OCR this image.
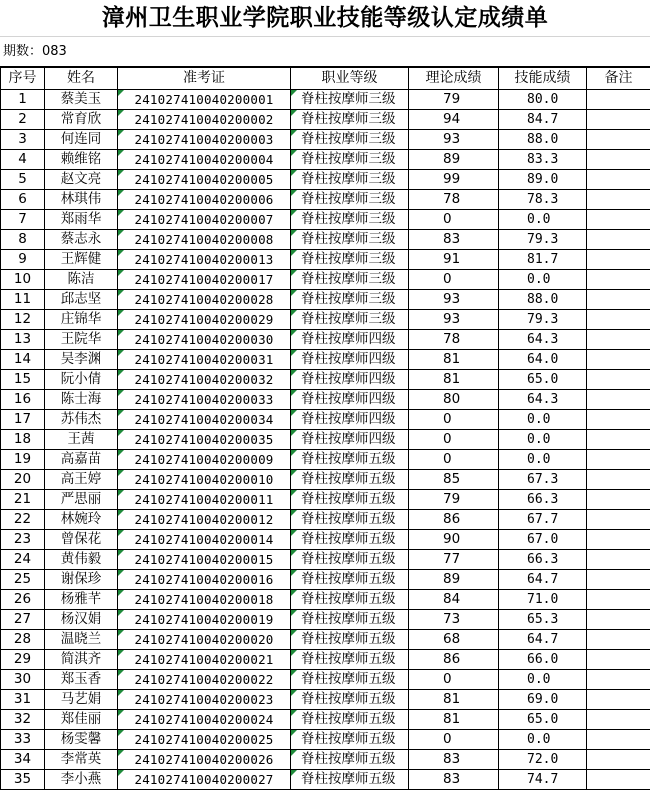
漳州卫生职业学院职业技能等级认定成绩单
期数：083
序号	姓名	准考证	职业等级	理论成绩	技能成绩	备注
1	蔡美玉	241027410040200001	脊柱按摩师三级	79	80.0	
2	常育欣	241027410040200002	脊柱按摩师三级	94	84.7	
3	何连同	241027410040200003	脊柱按摩师三级	93	88.0	
4	赖维铭	241027410040200004	脊柱按摩师三级	89	83.3	
5	赵文亮	241027410040200005	脊柱按摩师三级	99	89.0	
6	林琪伟	241027410040200006	脊柱按摩师三级	78	78.3	
7	郑雨华	241027410040200007	脊柱按摩师三级	0	0.0	
8	蔡志永	241027410040200008	脊柱按摩师三级	83	79.3	
9	王辉健	241027410040200013	脊柱按摩师三级	91	81.7	
10	陈洁	241027410040200017	脊柱按摩师三级	0	0.0	
11	邱志坚	241027410040200028	脊柱按摩师三级	93	88.0	
12	庄锦华	241027410040200029	脊柱按摩师三级	93	79.3	
13	王院华	241027410040200030	脊柱按摩师四级	78	64.3	
14	吴李渊	241027410040200031	脊柱按摩师四级	81	64.0	
15	阮小倩	241027410040200032	脊柱按摩师四级	81	65.0	
16	陈士海	241027410040200033	脊柱按摩师四级	80	64.3	
17	苏伟杰	241027410040200034	脊柱按摩师四级	0	0.0	
18	王茜	241027410040200035	脊柱按摩师四级	0	0.0	
19	高嘉苗	241027410040200009	脊柱按摩师五级	0	0.0	
20	高王婷	241027410040200010	脊柱按摩师五级	85	67.3	
21	严思丽	241027410040200011	脊柱按摩师五级	79	66.3	
22	林婉玲	241027410040200012	脊柱按摩师五级	86	67.7	
23	曾保花	241027410040200014	脊柱按摩师五级	90	67.0	
24	黄伟毅	241027410040200015	脊柱按摩师五级	77	66.3	
25	谢保珍	241027410040200016	脊柱按摩师五级	89	64.7	
26	杨雅芊	241027410040200018	脊柱按摩师五级	84	71.0	
27	杨汉娟	241027410040200019	脊柱按摩师五级	73	65.3	
28	温晓兰	241027410040200020	脊柱按摩师五级	68	64.7	
29	简淇齐	241027410040200021	脊柱按摩师五级	86	66.0	
30	郑玉香	241027410040200022	脊柱按摩师五级	0	0.0	
31	马艺娟	241027410040200023	脊柱按摩师五级	81	69.0	
32	郑佳丽	241027410040200024	脊柱按摩师五级	81	65.0	
33	杨雯馨	241027410040200025	脊柱按摩师五级	0	0.0	
34	李常英	241027410040200026	脊柱按摩师五级	83	72.0	
35	李小燕	241027410040200027	脊柱按摩师五级	83	74.7	
